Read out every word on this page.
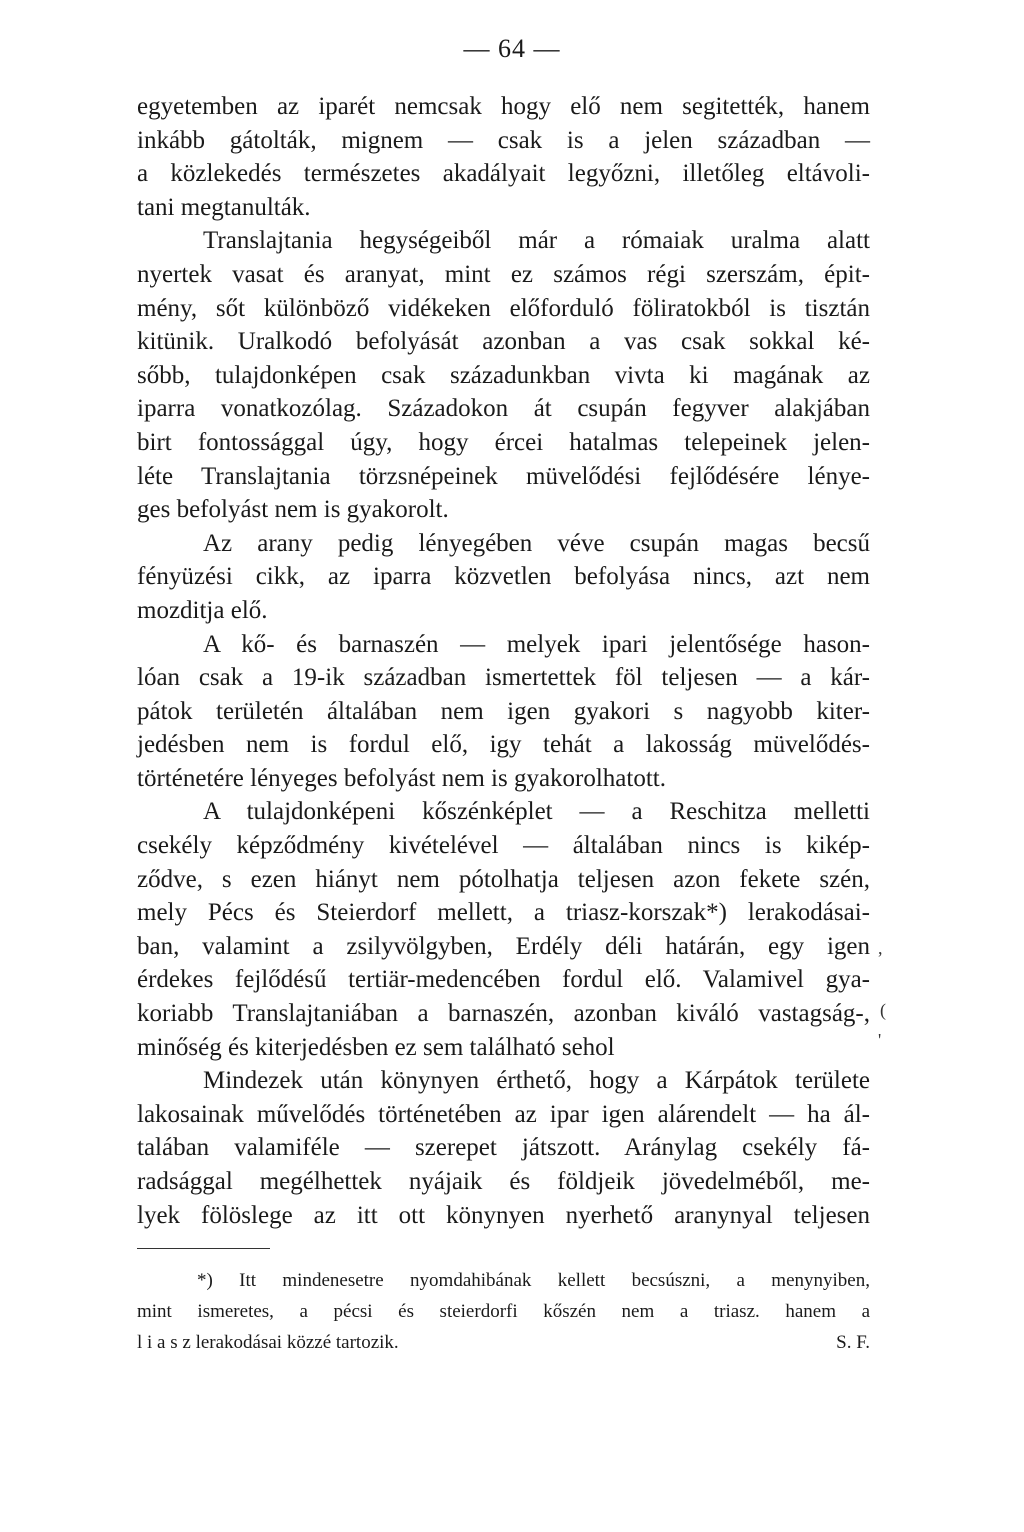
— 64 —
egyetemben az iparét nemcsak hogy elő nem segitették, hanem
inkább gátolták, mignem — csak is a jelen században —
a közlekedés természetes akadályait legyőzni, illetőleg eltávoli-
tani megtanulták.
Translajtania hegységeiből már a rómaiak uralma alatt
nyertek vasat és aranyat, mint ez számos régi szerszám, épit-
mény, sőt különböző vidékeken előforduló föliratokból is tisztán
kitünik. Uralkodó befolyását azonban a vas csak sokkal ké-
sőbb, tulajdonképen csak századunkban vivta ki magának az
iparra vonatkozólag. Századokon át csupán fegyver alakjában
birt fontossággal úgy, hogy ércei hatalmas telepeinek jelen-
léte Translajtania törzsnépeinek müvelődési fejlődésére lénye-
ges befolyást nem is gyakorolt.
Az arany pedig lényegében véve csupán magas becsű
fényüzési cikk, az iparra közvetlen befolyása nincs, azt nem
mozditja elő.
A kő- és barnaszén — melyek ipari jelentősége hason-
lóan csak a 19-ik században ismertettek föl teljesen — a kár-
pátok területén általában nem igen gyakori s nagyobb kiter-
jedésben nem is fordul elő, igy tehát a lakosság müvelődés-
történetére lényeges befolyást nem is gyakorolhatott.
A tulajdonképeni kőszénképlet — a Reschitza melletti
csekély képződmény kivételével — általában nincs is kikép-
ződve, s ezen hiányt nem pótolhatja teljesen azon fekete szén,
mely Pécs és Steierdorf mellett, a triasz-korszak*) lerakodásai-
ban, valamint a zsilyvölgyben, Erdély déli határán, egy igen
érdekes fejlődésű tertiär-medencében fordul elő. Valamivel gya-
koriabb Translajtaniában a barnaszén, azonban kiváló vastagság-,
minőség és kiterjedésben ez sem található sehol
Mindezek után könynyen érthető, hogy a Kárpátok területe
lakosainak művelődés történetében az ipar igen alárendelt — ha ál-
talában valamiféle — szerepet játszott. Aránylag csekély fá-
radsággal megélhettek nyájaik és földjeik jövedelméből, me-
lyek fölöslege az itt ott könynyen nyerhető aranynyal teljesen
,
(
'
*) Itt mindenesetre nyomdahibának kellett becsúszni, a menynyiben,
mint ismeretes, a pécsi és steierdorfi kőszén nem a triasz. hanem a
l i a s z lerakodásai közzé tartozik.	S. F.
